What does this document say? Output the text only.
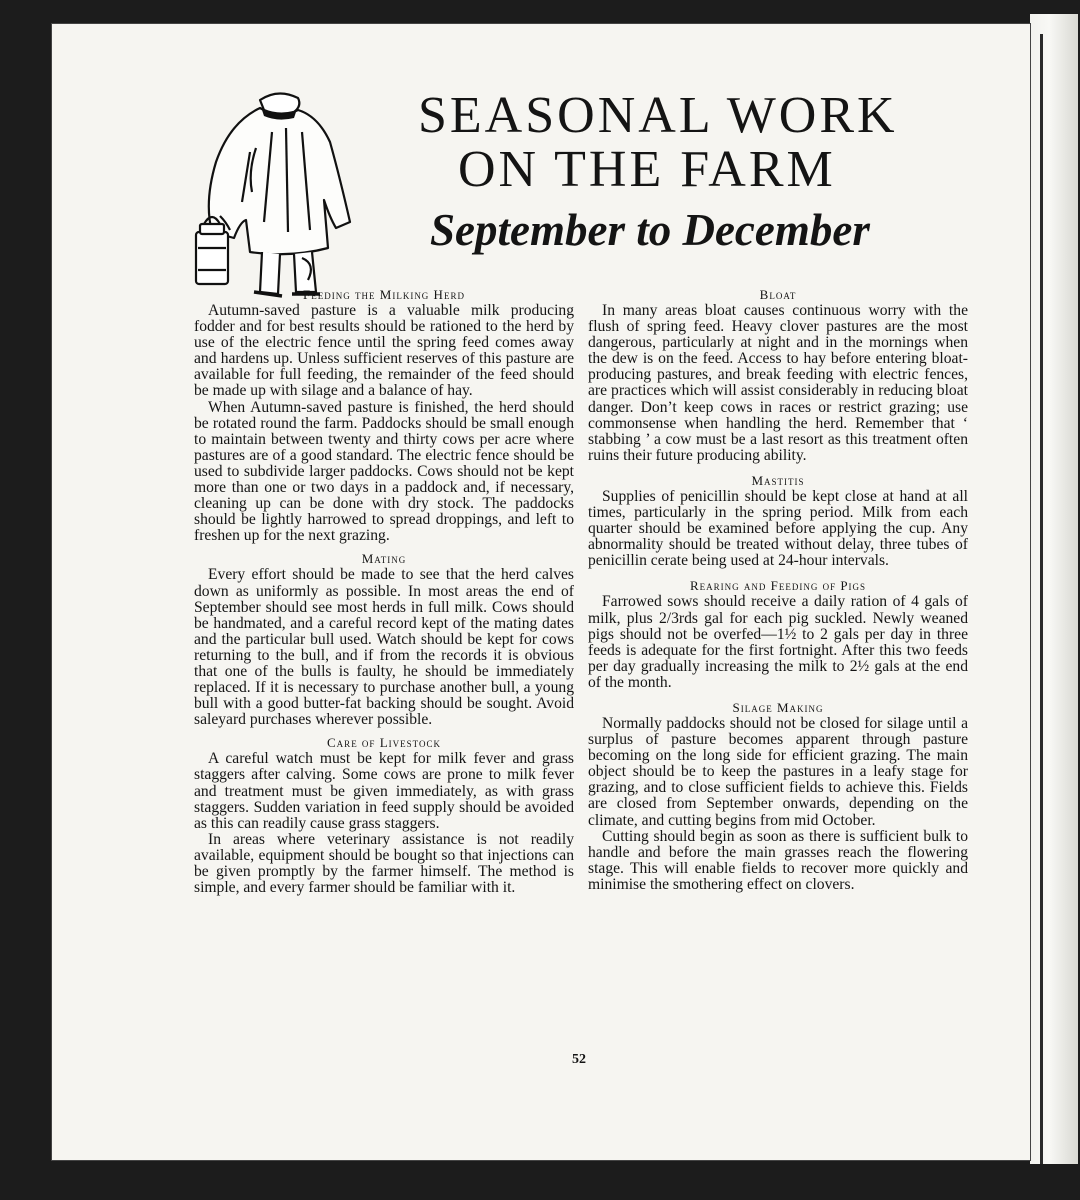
SEASONAL WORK
ON THE FARM
September to December
Feeding the Milking Herd

Autumn-saved pasture is a valuable milk producing fodder and for best results should be rationed to the herd by use of the electric fence until the spring feed comes away and hardens up. Unless sufficient reserves of this pasture are available for full feeding, the remainder of the feed should be made up with silage and a balance of hay.

When Autumn-saved pasture is finished, the herd should be rotated round the farm. Paddocks should be small enough to maintain between twenty and thirty cows per acre where pastures are of a good standard. The electric fence should be used to subdivide larger paddocks. Cows should not be kept more than one or two days in a paddock and, if necessary, cleaning up can be done with dry stock. The paddocks should be lightly harrowed to spread droppings, and left to freshen up for the next grazing.

Mating

Every effort should be made to see that the herd calves down as uniformly as possible. In most areas the end of September should see most herds in full milk. Cows should be handmated, and a careful record kept of the mating dates and the particular bull used. Watch should be kept for cows returning to the bull, and if from the records it is obvious that one of the bulls is faulty, he should be immediately replaced. If it is necessary to purchase another bull, a young bull with a good butter-fat backing should be sought. Avoid saleyard purchases wherever possible.

Care of Livestock

A careful watch must be kept for milk fever and grass staggers after calving. Some cows are prone to milk fever and treatment must be given immediately, as with grass staggers. Sudden variation in feed supply should be avoided as this can readily cause grass staggers.

In areas where veterinary assistance is not readily available, equipment should be bought so that injections can be given promptly by the farmer himself. The method is simple, and every farmer should be familiar with it.

Bloat

In many areas bloat causes continuous worry with the flush of spring feed. Heavy clover pastures are the most dangerous, particularly at night and in the mornings when the dew is on the feed. Access to hay before entering bloat-producing pastures, and break feeding with electric fences, are practices which will assist considerably in reducing bloat danger. Don’t keep cows in races or restrict grazing; use commonsense when handling the herd. Remember that ‘ stabbing ’ a cow must be a last resort as this treatment often ruins their future producing ability.

Mastitis

Supplies of penicillin should be kept close at hand at all times, particularly in the spring period. Milk from each quarter should be examined before applying the cup. Any abnormality should be treated without delay, three tubes of penicillin cerate being used at 24-hour intervals.

Rearing and Feeding of Pigs

Farrowed sows should receive a daily ration of 4 gals of milk, plus 2/3rds gal for each pig suckled. Newly weaned pigs should not be overfed—1½ to 2 gals per day in three feeds is adequate for the first fortnight. After this two feeds per day gradually increasing the milk to 2½ gals at the end of the month.

Silage Making

Normally paddocks should not be closed for silage until a surplus of pasture becomes apparent through pasture becoming on the long side for efficient grazing. The main object should be to keep the pastures in a leafy stage for grazing, and to close sufficient fields to achieve this. Fields are closed from September onwards, depending on the climate, and cutting begins from mid October.

Cutting should begin as soon as there is sufficient bulk to handle and before the main grasses reach the flowering stage. This will enable fields to recover more quickly and minimise the smothering effect on clovers.

52
